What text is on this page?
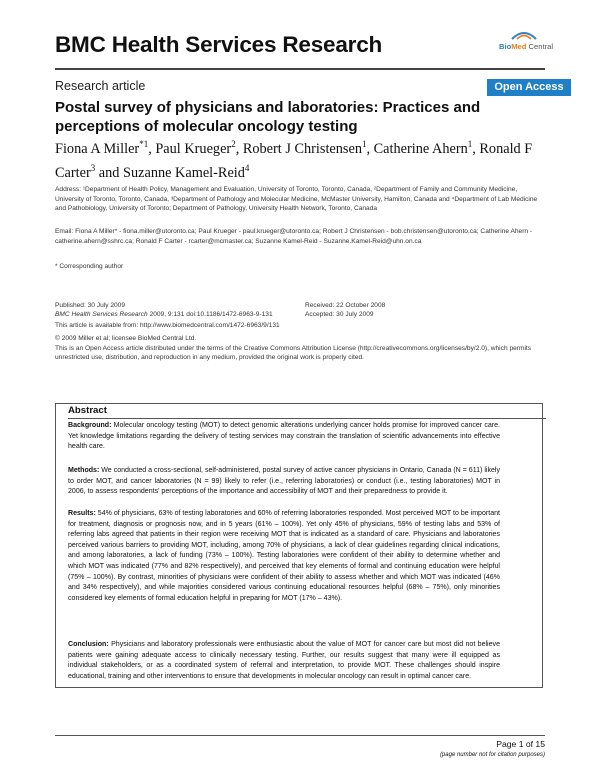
BMC Health Services Research	BioMed Central
Research article	Open Access
Postal survey of physicians and laboratories: Practices and perceptions of molecular oncology testing
Fiona A Miller$^{*1}$, Paul Krueger$^2$, Robert J Christensen$^1$, Catherine Ahern$^1$, Ronald F Carter$^3$ and Suzanne Kamel-Reid$^4$
Address: ¹Department of Health Policy, Management and Evaluation, University of Toronto, Toronto, Canada, ²Department of Family and Community Medicine, University of Toronto, Toronto, Canada, ³Department of Pathology and Molecular Medicine, McMaster University, Hamilton, Canada and ⁴Department of Lab Medicine and Pathobiology, University of Toronto; Department of Pathology, University Health Network, Toronto, Canada
Email: Fiona A Miller* - fiona.miller@utoronto.ca; Paul Krueger - paul.krueger@utoronto.ca; Robert J Christensen - bob.christensen@utoronto.ca; Catherine Ahern - catherine.ahern@sshrc.ca; Ronald F Carter - rcarter@mcmaster.ca; Suzanne Kamel-Reid - Suzanne.Kamel-Reid@uhn.on.ca
* Corresponding author
Published: 30 July 2009	Received: 22 October 2008
BMC Health Services Research 2009, 9:131 doi:10.1186/1472-6963-9-131	Accepted: 30 July 2009
This article is available from: http://www.biomedcentral.com/1472-6963/9/131
© 2009 Miller et al; licensee BioMed Central Ltd.
This is an Open Access article distributed under the terms of the Creative Commons Attribution License (http://creativecommons.org/licenses/by/2.0), which permits unrestricted use, distribution, and reproduction in any medium, provided the original work is properly cited.
Abstract

Background: Molecular oncology testing (MOT) to detect genomic alterations underlying cancer holds promise for improved cancer care. Yet knowledge limitations regarding the delivery of testing services may constrain the translation of scientific advancements into effective health care.

Methods: We conducted a cross-sectional, self-administered, postal survey of active cancer physicians in Ontario, Canada (N = 611) likely to order MOT, and cancer laboratories (N = 99) likely to refer (i.e., referring laboratories) or conduct (i.e., testing laboratories) MOT in 2006, to assess respondents' perceptions of the importance and accessibility of MOT and their preparedness to provide it.

Results: 54% of physicians, 63% of testing laboratories and 60% of referring laboratories responded. Most perceived MOT to be important for treatment, diagnosis or prognosis now, and in 5 years (61% – 100%). Yet only 45% of physicians, 59% of testing labs and 53% of referring labs agreed that patients in their region were receiving MOT that is indicated as a standard of care. Physicians and laboratories perceived various barriers to providing MOT, including, among 70% of physicians, a lack of clear guidelines regarding clinical indications, and among laboratories, a lack of funding (73% – 100%). Testing laboratories were confident of their ability to determine whether and which MOT was indicated (77% and 82% respectively), and perceived that key elements of formal and continuing education were helpful (75% – 100%). By contrast, minorities of physicians were confident of their ability to assess whether and which MOT was indicated (46% and 34% respectively), and while majorities considered various continuing educational resources helpful (68% – 75%), only minorities considered key elements of formal education helpful in preparing for MOT (17% – 43%).

Conclusion: Physicians and laboratory professionals were enthusiastic about the value of MOT for cancer care but most did not believe patients were gaining adequate access to clinically necessary testing. Further, our results suggest that many were ill equipped as individual stakeholders, or as a coordinated system of referral and interpretation, to provide MOT. These challenges should inspire educational, training and other interventions to ensure that developments in molecular oncology can result in optimal cancer care.

Page 1 of 15
(page number not for citation purposes)
